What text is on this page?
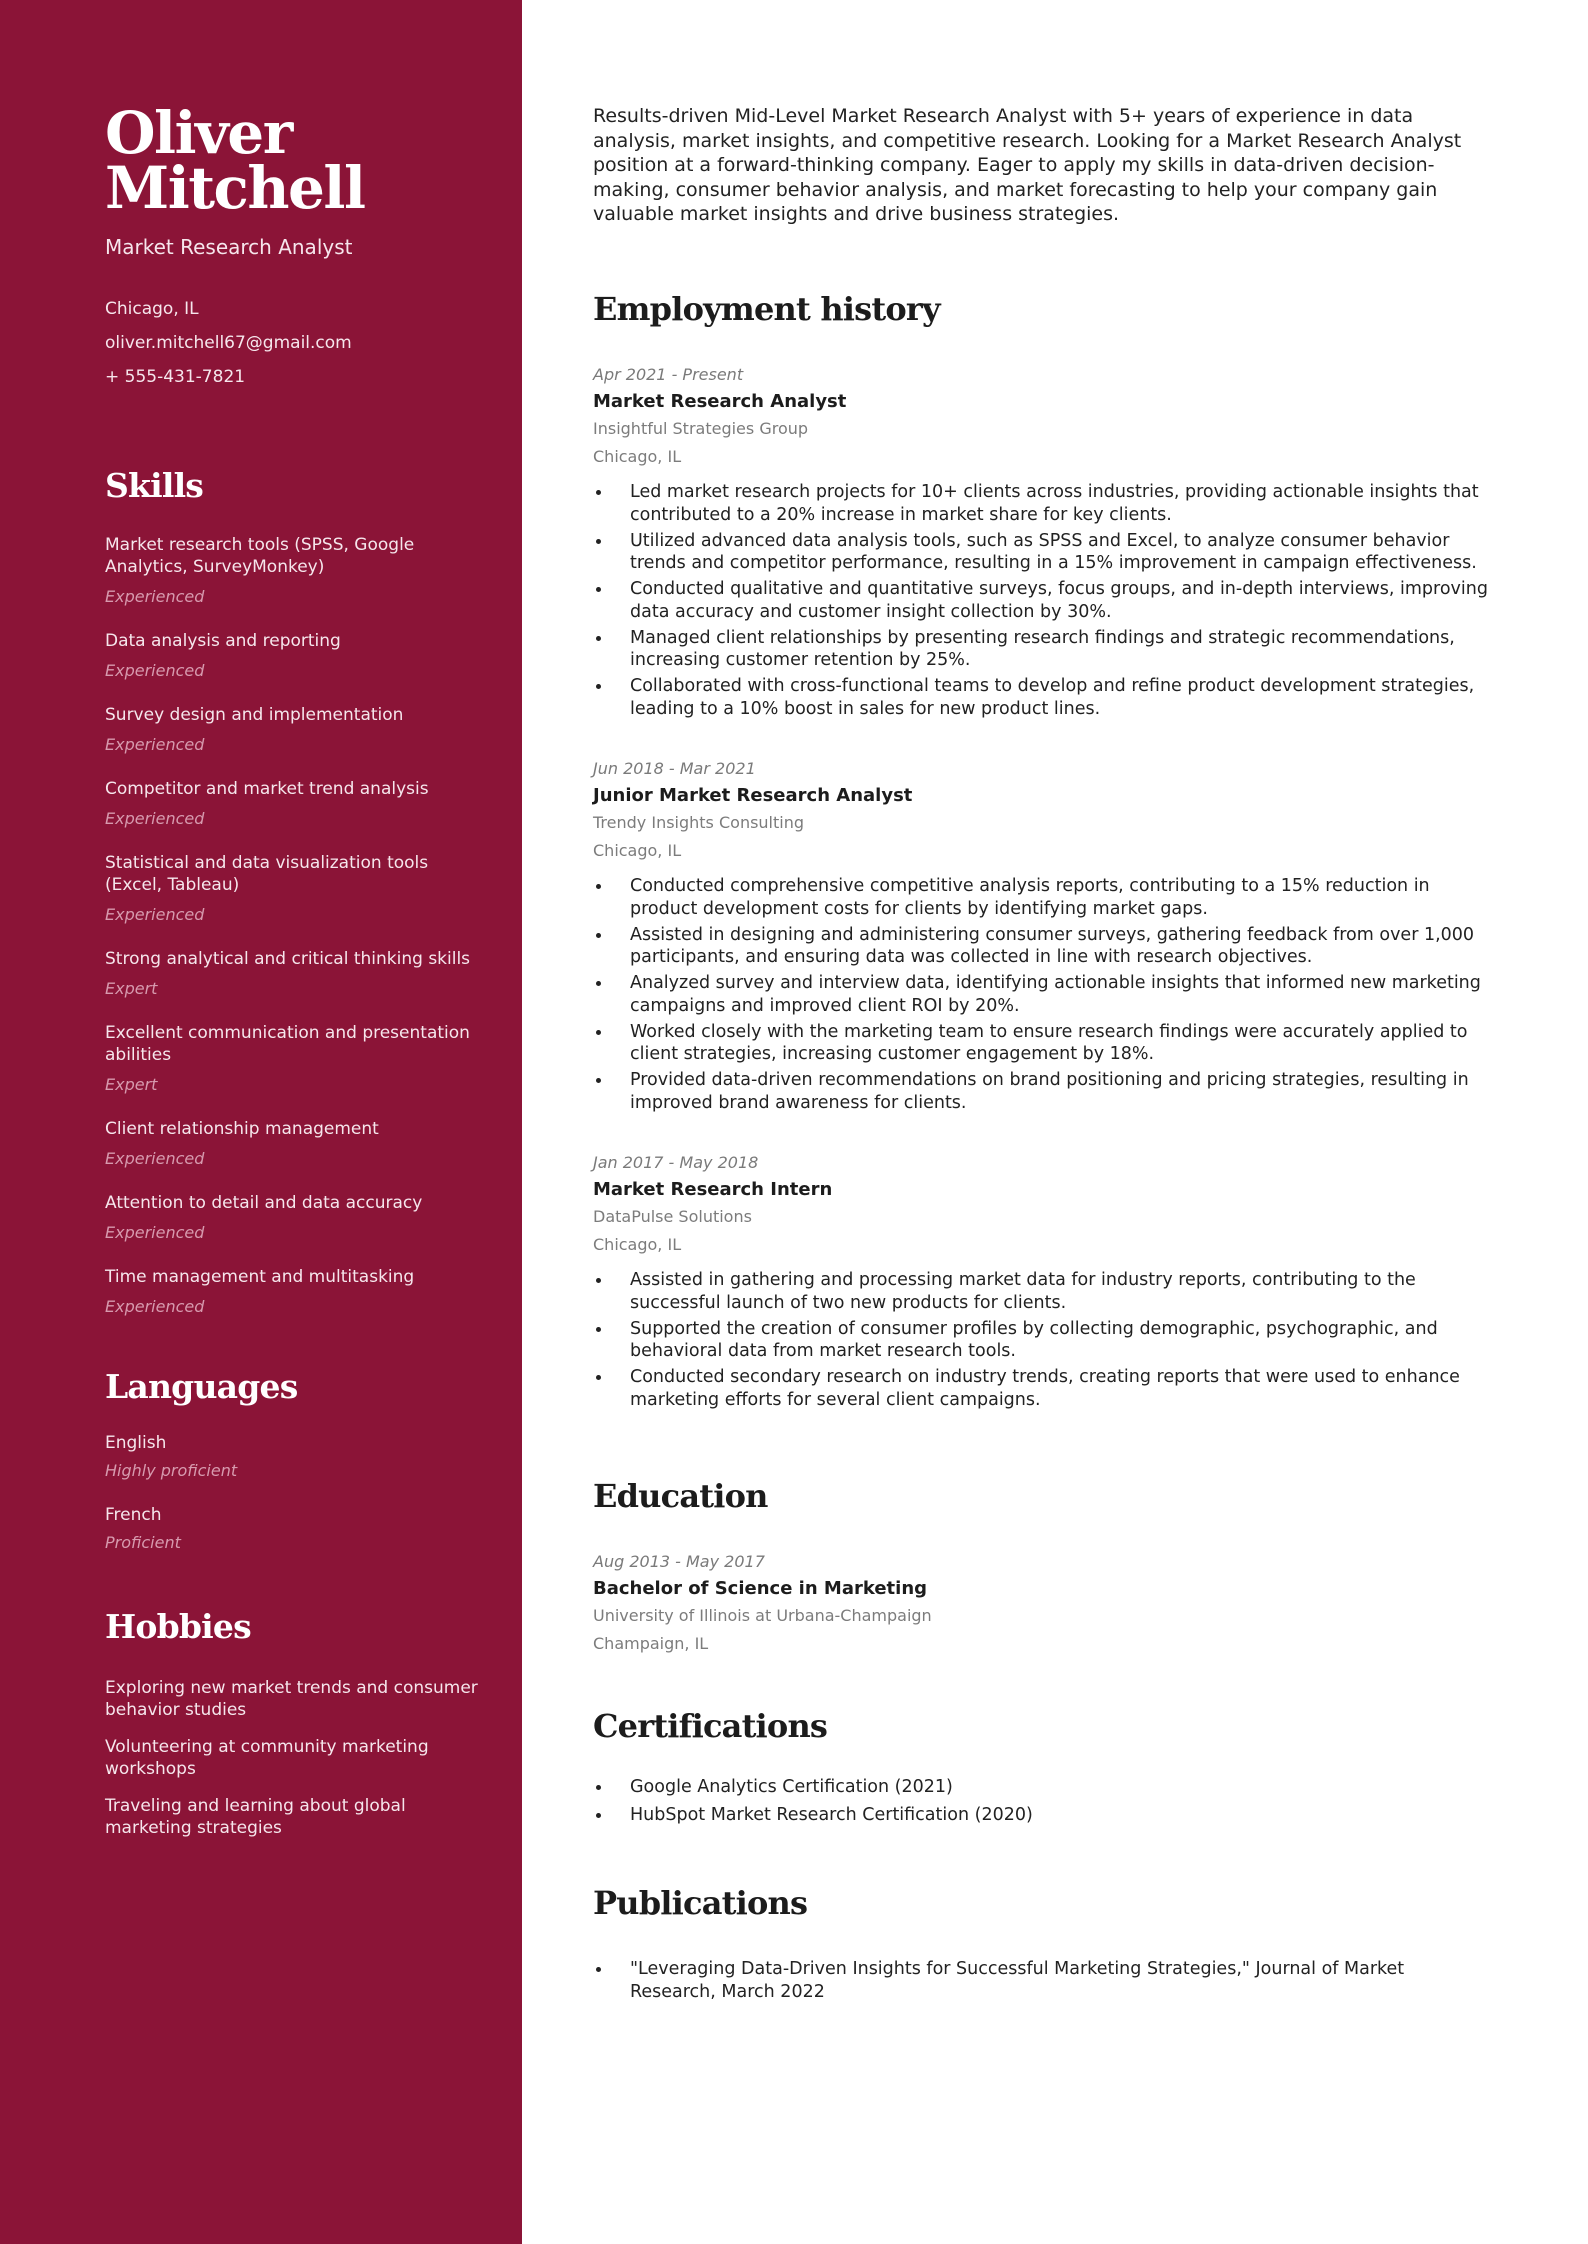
Oliver
Mitchell
Market Research Analyst
Chicago, IL
oliver.mitchell67@gmail.com
+ 555-431-7821
Skills
Market research tools (SPSS, Google Analytics, SurveyMonkey)
Experienced
Data analysis and reporting
Experienced
Survey design and implementation
Experienced
Competitor and market trend analysis
Experienced
Statistical and data visualization tools (Excel, Tableau)
Experienced
Strong analytical and critical thinking skills
Expert
Excellent communication and presentation abilities
Expert
Client relationship management
Experienced
Attention to detail and data accuracy
Experienced
Time management and multitasking
Experienced
Languages
English
Highly proficient
French
Proficient
Hobbies
Exploring new market trends and consumer behavior studies
Volunteering at community marketing workshops
Traveling and learning about global marketing strategies

Results-driven Mid-Level Market Research Analyst with 5+ years of experience in data analysis, market insights, and competitive research. Looking for a Market Research Analyst position at a forward-thinking company. Eager to apply my skills in data-driven decision-making, consumer behavior analysis, and market forecasting to help your company gain valuable market insights and drive business strategies.

Employment history
Apr 2021 - Present
Market Research Analyst
Insightful Strategies Group
Chicago, IL
Led market research projects for 10+ clients across industries, providing actionable insights that contributed to a 20% increase in market share for key clients.
Utilized advanced data analysis tools, such as SPSS and Excel, to analyze consumer behavior trends and competitor performance, resulting in a 15% improvement in campaign effectiveness.
Conducted qualitative and quantitative surveys, focus groups, and in-depth interviews, improving data accuracy and customer insight collection by 30%.
Managed client relationships by presenting research findings and strategic recommendations, increasing customer retention by 25%.
Collaborated with cross-functional teams to develop and refine product development strategies, leading to a 10% boost in sales for new product lines.
Jun 2018 - Mar 2021
Junior Market Research Analyst
Trendy Insights Consulting
Chicago, IL
Conducted comprehensive competitive analysis reports, contributing to a 15% reduction in product development costs for clients by identifying market gaps.
Assisted in designing and administering consumer surveys, gathering feedback from over 1,000 participants, and ensuring data was collected in line with research objectives.
Analyzed survey and interview data, identifying actionable insights that informed new marketing campaigns and improved client ROI by 20%.
Worked closely with the marketing team to ensure research findings were accurately applied to client strategies, increasing customer engagement by 18%.
Provided data-driven recommendations on brand positioning and pricing strategies, resulting in improved brand awareness for clients.
Jan 2017 - May 2018
Market Research Intern
DataPulse Solutions
Chicago, IL
Assisted in gathering and processing market data for industry reports, contributing to the successful launch of two new products for clients.
Supported the creation of consumer profiles by collecting demographic, psychographic, and behavioral data from market research tools.
Conducted secondary research on industry trends, creating reports that were used to enhance marketing efforts for several client campaigns.
Education
Aug 2013 - May 2017
Bachelor of Science in Marketing
University of Illinois at Urbana-Champaign
Champaign, IL
Certifications
Google Analytics Certification (2021)
HubSpot Market Research Certification (2020)
Publications
"Leveraging Data-Driven Insights for Successful Marketing Strategies," Journal of Market Research, March 2022
